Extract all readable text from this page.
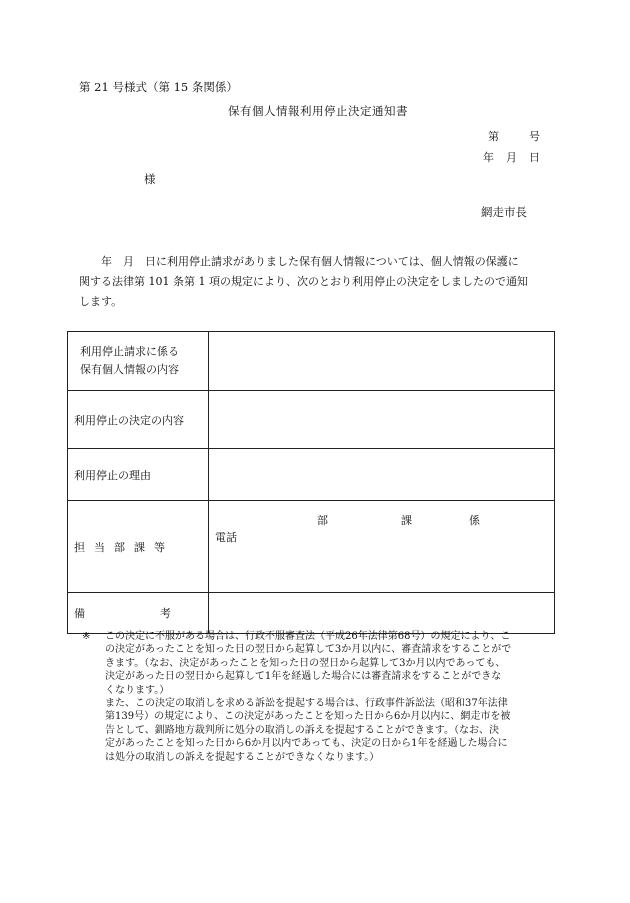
第 21 号様式（第 15 条関係）
保有個人情報利用停止決定通知書
第	号
年 月 日
様
網走市長
　　年　月　日に利用停止請求がありました保有個人情報については、個人情報の保護に
関する法律第 101 条第 1 項の規定により、次のとおり利用停止の決定をしましたので通知
します。
利用停止請求に係る
保有個人情報の内容	

利用停止の決定の内容	
利用停止の理由	
担当部課等	部 課 係
電話

備 考	
※ この決定に不服がある場合は、行政不服審査法（平成26年法律第68号）の規定により、こ
の決定があったことを知った日の翌日から起算して3か月以内に、審査請求をすることがで
きます。（なお、決定があったことを知った日の翌日から起算して3か月以内であっても、
決定があった日の翌日から起算して1年を経過した場合には審査請求をすることができな
くなります。）
また、この決定の取消しを求める訴訟を提起する場合は、行政事件訴訟法（昭和37年法律
第139号）の規定により、この決定があったことを知った日から6か月以内に、網走市を被
告として、釧路地方裁判所に処分の取消しの訴えを提起することができます。（なお、決
定があったことを知った日から6か月以内であっても、決定の日から1年を経過した場合に
は処分の取消しの訴えを提起することができなくなります。）
